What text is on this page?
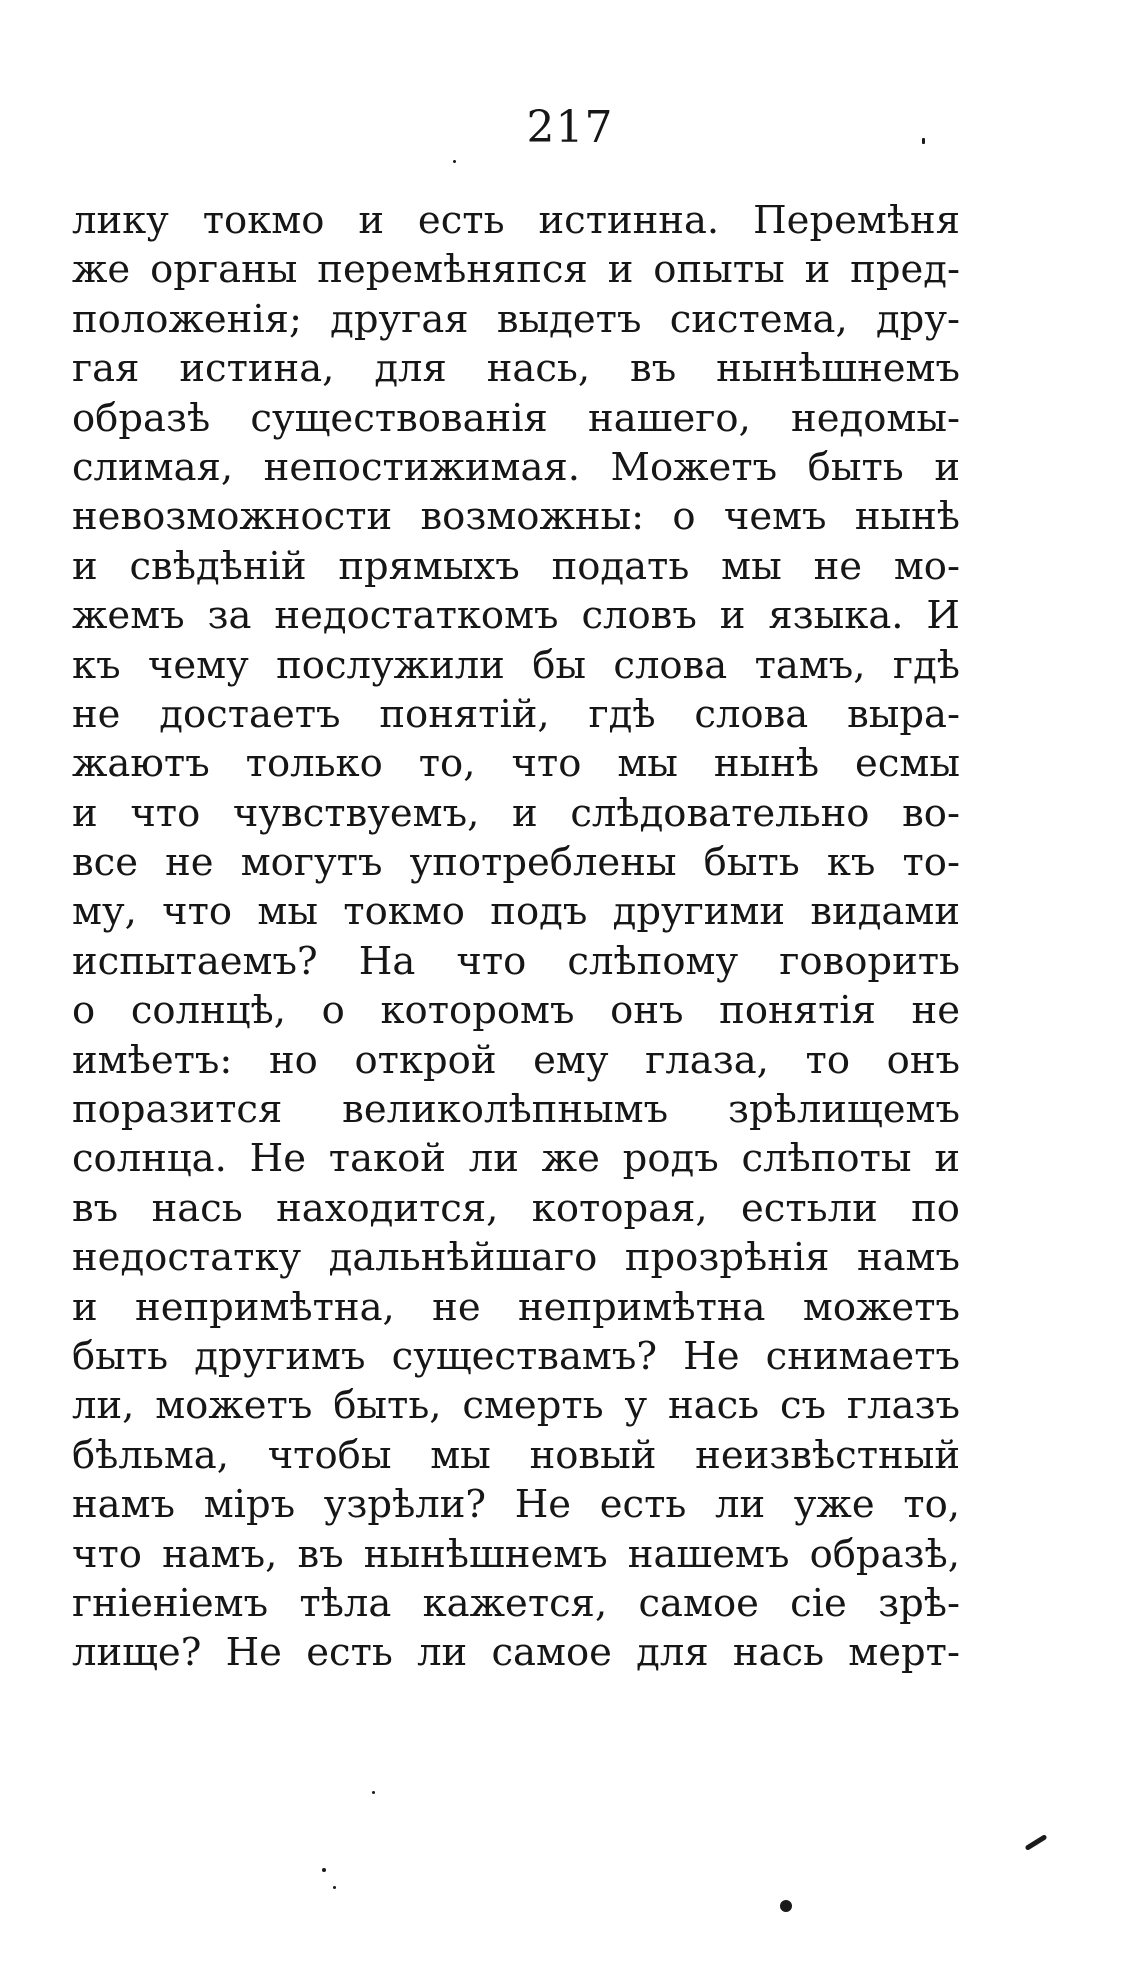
217
лику токмо и есть истинна. Перемѣня
же органы перемѣняпся и опыты и пред-
положенія; другая выдетъ система, дру-
гая истина, для нась, въ нынѣшнемъ
образѣ существованія нашего, недомы-
слимая, непостижимая. Можетъ быть и
невозможности возможны: о чемъ нынѣ
и свѣдѣній прямыхъ подать мы не мо-
жемъ за недостаткомъ словъ и языка. И
къ чему послужили бы слова тамъ, гдѣ
не достаетъ понятій, гдѣ слова выра-
жаютъ только то, что мы нынѣ есмы
и что чувствуемъ, и слѣдовательно во-
все не могутъ употреблены быть къ то-
му, что мы токмо подъ другими видами
испытаемъ? На что слѣпому говорить
о солнцѣ, о которомъ онъ понятія не
имѣетъ: но открой ему глаза, то онъ
поразится великолѣпнымъ зрѣлищемъ
солнца. Не такой ли же родъ слѣпоты и
въ нась находится, которая, естьли по
недостатку дальнѣйшаго прозрѣнія намъ
и непримѣтна, не непримѣтна можетъ
быть другимъ существамъ? Не снимаетъ
ли, можетъ быть, смерть у нась съ глазъ
бѣльма, чтобы мы новый неизвѣстный
намъ міръ узрѣли? Не есть ли уже то,
что намъ, въ нынѣшнемъ нашемъ образѣ,
гніеніемъ тѣла кажется, самое сіе зрѣ-
лище? Не есть ли самое для нась мерт-
